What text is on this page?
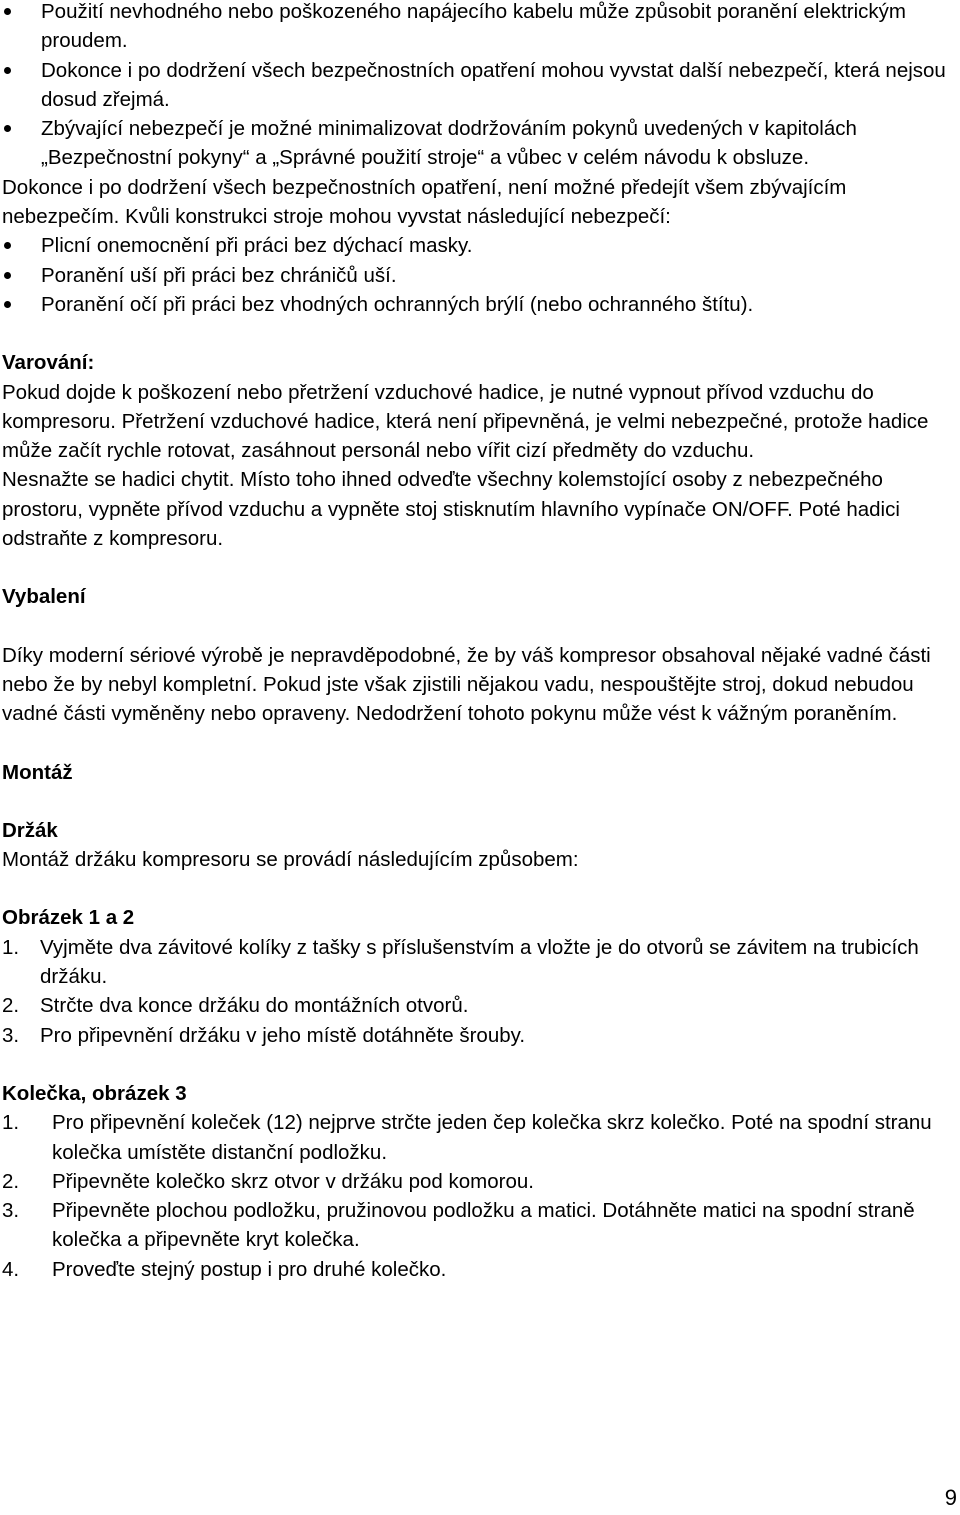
Použití nevhodného nebo poškozeného napájecího kabelu může způsobit poranění elektrickým proudem.
Dokonce i po dodržení všech bezpečnostních opatření mohou vyvstat další nebezpečí, která nejsou dosud zřejmá.
Zbývající nebezpečí je možné minimalizovat dodržováním pokynů uvedených v kapitolách „Bezpečnostní pokyny“ a „Správné použití stroje“ a vůbec v celém návodu k obsluze.

Dokonce i po dodržení všech bezpečnostních opatření, není možné předejít všem zbývajícím nebezpečím. Kvůli konstrukci stroje mohou vyvstat následující nebezpečí:

Plicní onemocnění při práci bez dýchací masky.
Poranění uší při práci bez chráničů uší.
Poranění očí při práci bez vhodných ochranných brýlí (nebo ochranného štítu).

Varování:

Pokud dojde k poškození nebo přetržení vzduchové hadice, je nutné vypnout přívod vzduchu do kompresoru. Přetržení vzduchové hadice, která není připevněná, je velmi nebezpečné, protože hadice může začít rychle rotovat, zasáhnout personál nebo vířit cizí předměty do vzduchu.

Nesnažte se hadici chytit. Místo toho ihned odveďte všechny kolemstojící osoby z nebezpečného prostoru, vypněte přívod vzduchu a vypněte stoj stisknutím hlavního vypínače ON/OFF. Poté hadici odstraňte z kompresoru.

Vybalení

Díky moderní sériové výrobě je nepravděpodobné, že by váš kompresor obsahoval nějaké vadné části nebo že by nebyl kompletní. Pokud jste však zjistili nějakou vadu, nespouštějte stroj, dokud nebudou vadné části vyměněny nebo opraveny. Nedodržení tohoto pokynu může vést k vážným poraněním.

Montáž

Držák

Montáž držáku kompresoru se provádí následujícím způsobem:

Obrázek 1 a 2

1. Vyjměte dva závitové kolíky z tašky s příslušenstvím a vložte je do otvorů se závitem na trubicích držáku.
2. Strčte dva konce držáku do montážních otvorů.
3. Pro připevnění držáku v jeho místě dotáhněte šrouby.

Kolečka, obrázek 3

1. Pro připevnění koleček (12) nejprve strčte jeden čep kolečka skrz kolečko. Poté na spodní stranu kolečka umístěte distanční podložku.
2. Připevněte kolečko skrz otvor v držáku pod komorou.
3. Připevněte plochou podložku, pružinovou podložku a matici. Dotáhněte matici na spodní straně kolečka a připevněte kryt kolečka.
4. Proveďte stejný postup i pro druhé kolečko.
9
